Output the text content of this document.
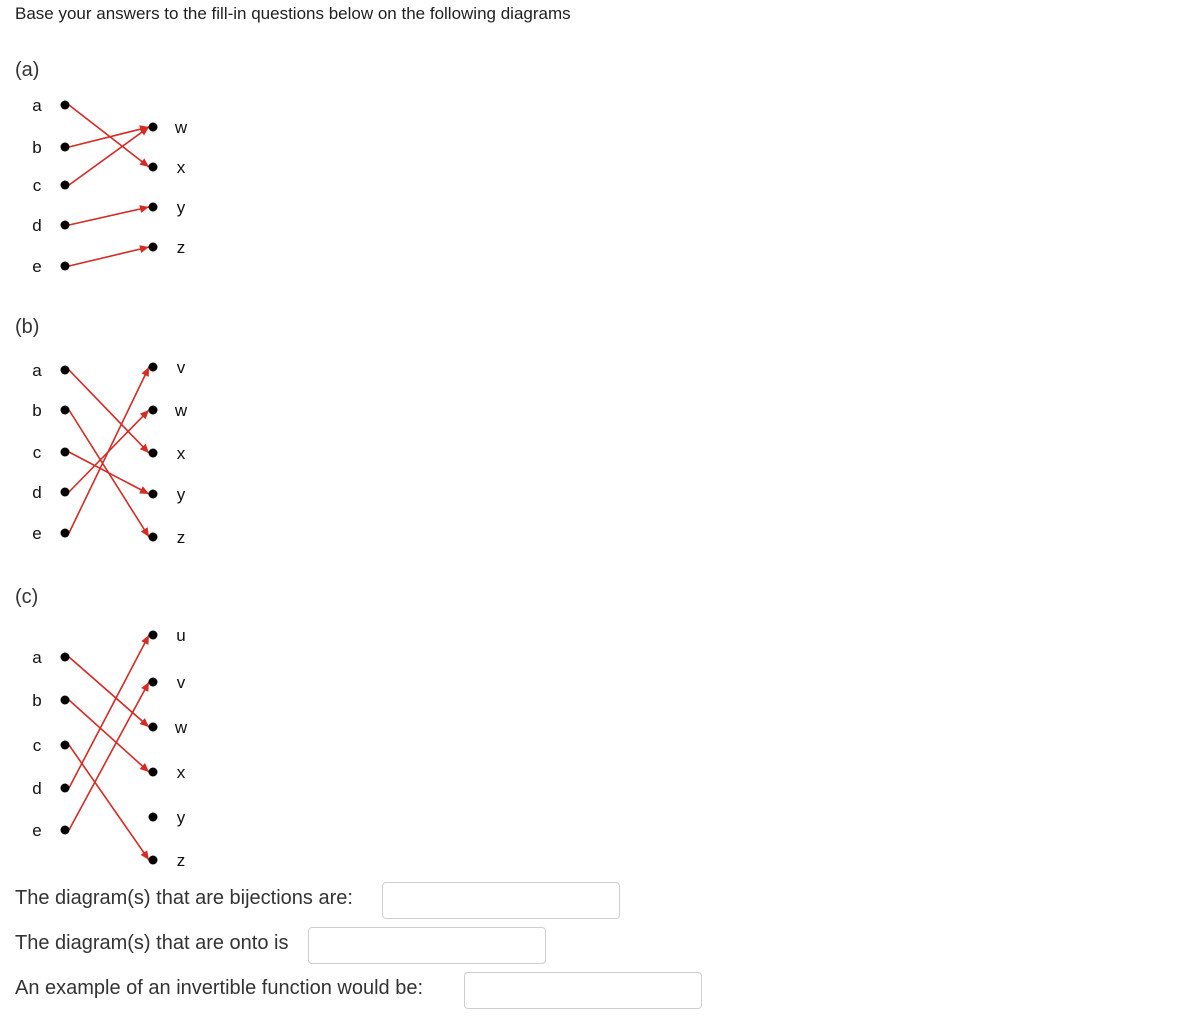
Base your answers to the fill-in questions below on the following diagrams
(a)
(b)
(c)
a
b
c
d
e
w
x
y
z
a
b
c
d
e
v
w
x
y
z
a
b
c
d
e
u
v
w
x
y
z
The diagram(s) that are bijections are:
The diagram(s) that are onto is
An example of an invertible function would be:
